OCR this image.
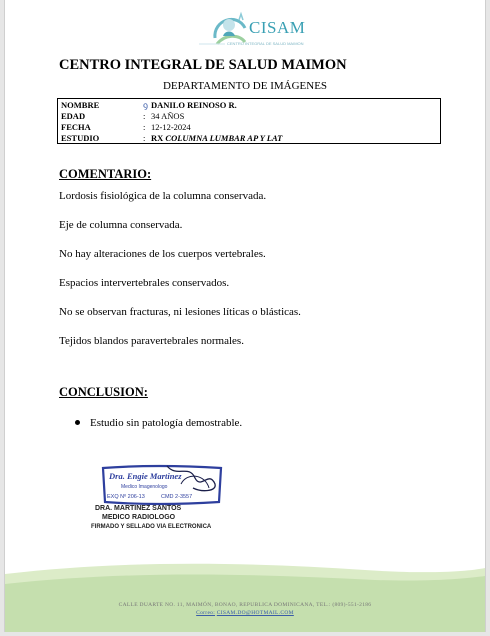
CISAM
CENTRO INTEGRAL DE SALUD MAIMON
CENTRO INTEGRAL DE SALUD MAIMON
DEPARTAMENTO DE IMÁGENES
NOMBRE	ꝯ DANILO REINOSO R.
EDAD	: 34 AÑOS
FECHA	: 12-12-2024
ESTUDIO	: RX COLUMNA LUMBAR AP Y LAT
COMENTARIO:
Lordosis fisiológica de la columna conservada.
Eje de columna conservada.
No hay alteraciones de los cuerpos vertebrales.
Espacios intervertebrales conservados.
No se observan fracturas, ni lesiones líticas o blásticas.
Tejidos blandos paravertebrales normales.
CONCLUSION:
Estudio sin patología demostrable.
Dra. Engie Martinez
Medico Imagenologo
EXQ Nº 206-13	CMD 2-3557
DRA. MARTINEZ SANTOS
MEDICO RADIOLOGO
FIRMADO Y SELLADO VIA ELECTRONICA
CALLE DUARTE NO. 11, MAIMÓN, BONAO, REPUBLICA DOMINICANA, TEL.: (809)-551-2186
Correo: CISAM.DO@HOTMAIL.COM
